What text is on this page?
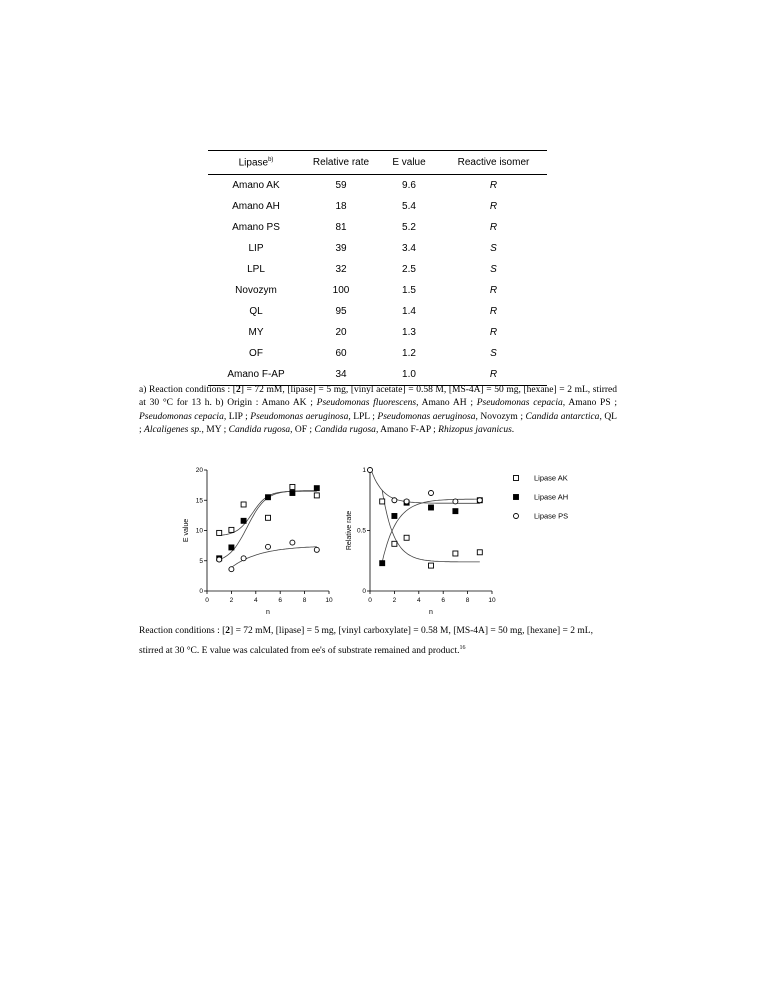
Lipase$^{b)}$	Relative rate	E value	Reactive isomer
Amano AK	59	9.6	R
Amano AH	18	5.4	R
Amano PS	81	5.2	R
LIP	39	3.4	S
LPL	32	2.5	S
Novozym	100	1.5	R
QL	95	1.4	R
MY	20	1.3	R
OF	60	1.2	S
Amano F-AP	34	1.0	R
a) Reaction conditions : [2] = 72 mM, [lipase] = 5 mg, [vinyl acetate] = 0.58 M, [MS-4A] = 50 mg, [hexane] = 2 mL, stirred at 30 °C for 13 h. b) Origin : Amano AK ; Pseudomonas fluorescens, Amano AH ; Pseudomonas cepacia, Amano PS ; Pseudomonas cepacia, LIP ; Pseudomonas aeruginosa, LPL ; Pseudomonas aeruginosa, Novozym ; Candida antarctica, QL ; Alcaligenes sp., MY ; Candida rugosa, OF ; Candida rugosa, Amano F-AP ; Rhizopus javanicus.
0	2	4	6	8	10
0
5
10
15
20
n
E value
0	2	4	6	8	10
0
0.5
1
n
Relative rate
Lipase AK
Lipase AH
Lipase PS
Reaction conditions : [2] = 72 mM, [lipase] = 5 mg, [vinyl carboxylate] = 0.58 M, [MS-4A] = 50 mg, [hexane] = 2 mL, stirred at 30 °C. E value was calculated from ee's of substrate remained and product.$^{16}$
